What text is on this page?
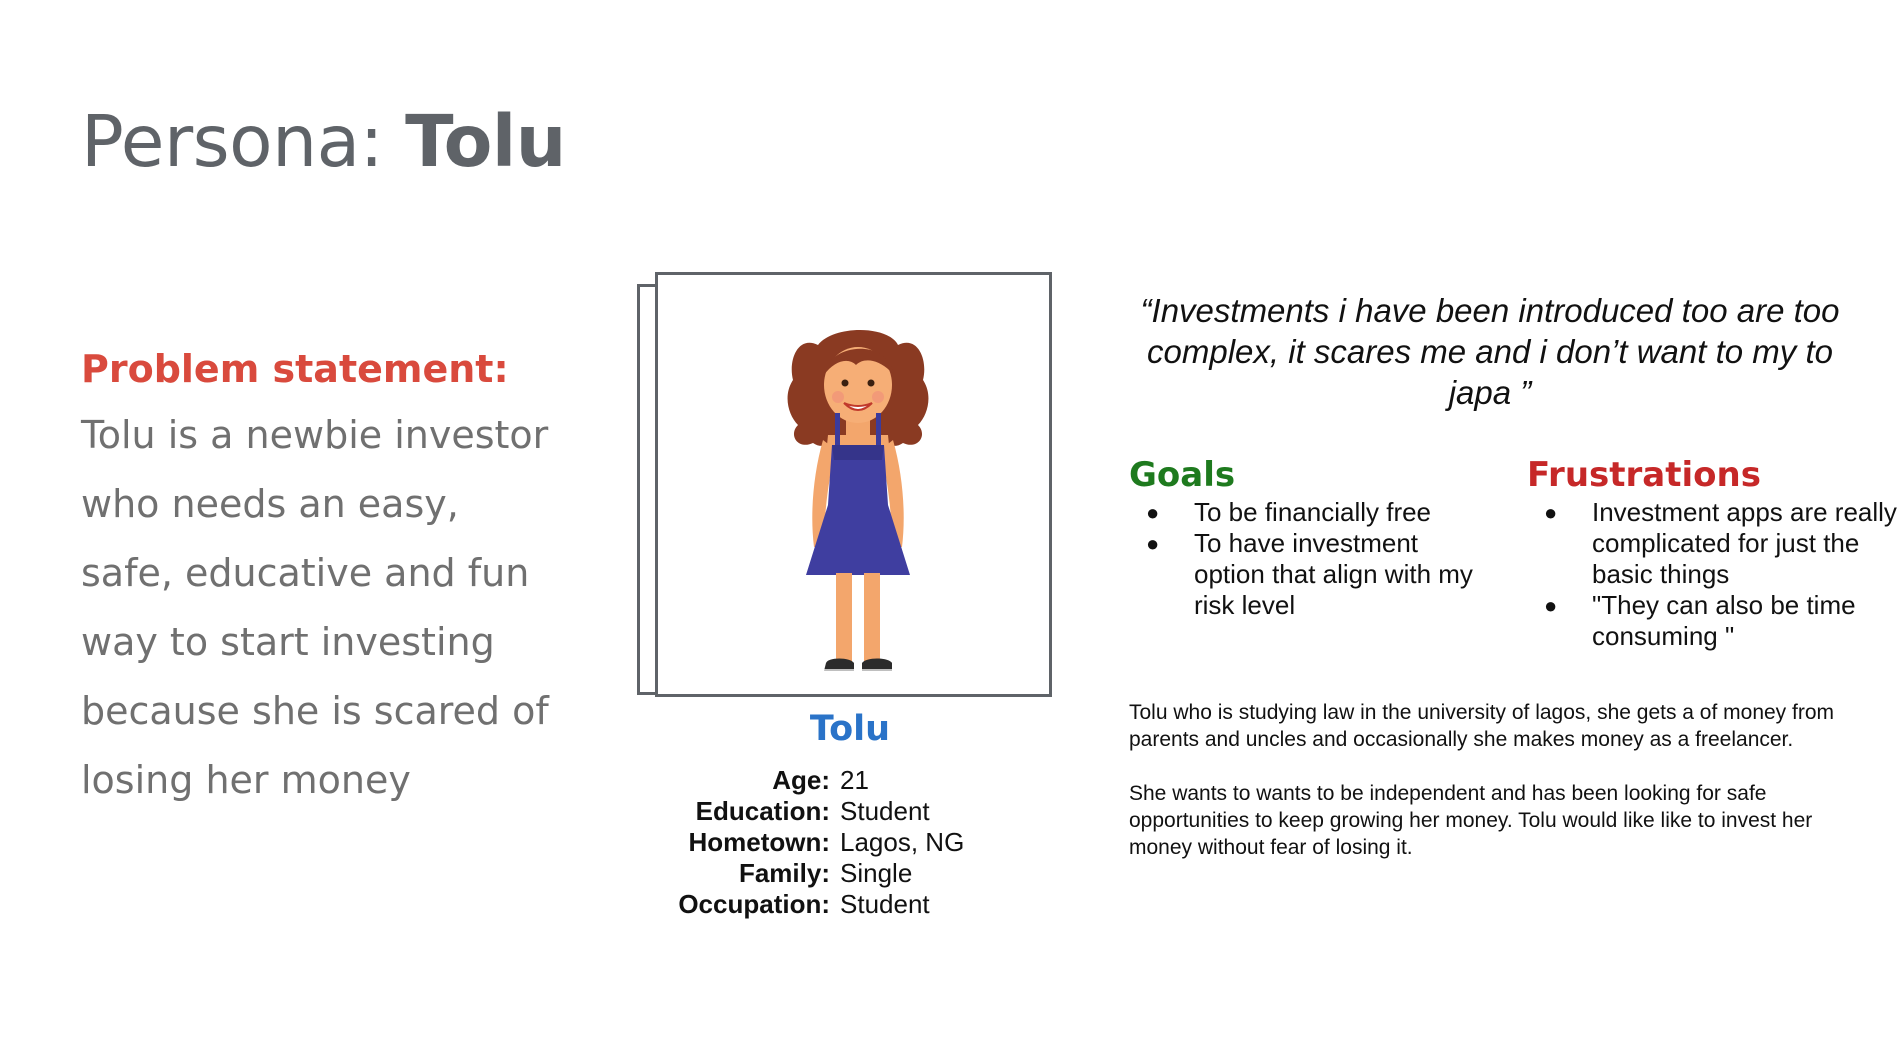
Persona: Tolu
Problem statement:

Tolu is a newbie investor who needs an easy, safe, educative and fun way to start investing because she is scared of losing her money

Tolu
Age: 21
Education: Student
Hometown: Lagos, NG
Family: Single
Occupation: Student
“Investments i have been introduced too are too complex, it scares me and i don’t want to my to japa ”
Goals
● To be financially free
● To have investment option that align with my risk level
Frustrations
● Investment apps are really complicated for just the basic things
● "They can also be time consuming "

Tolu who is studying law in the university of lagos, she gets a of money from parents and uncles and occasionally she makes money as a freelancer.

She wants to wants to be independent and has been looking for safe opportunities to keep growing her money. Tolu would like like to invest her money without fear of losing it.
